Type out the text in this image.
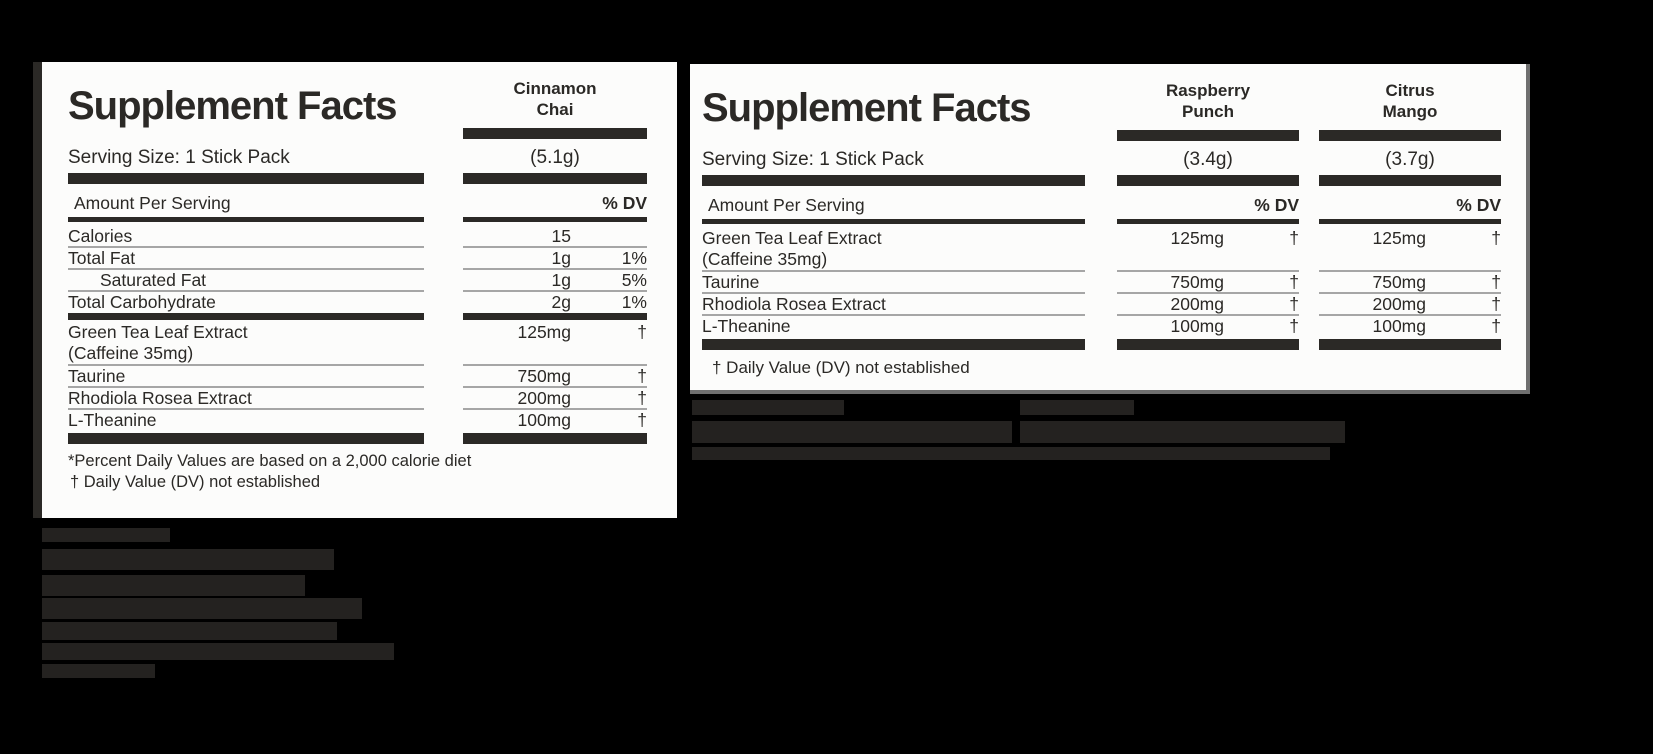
Supplement Facts	Cinnamon
Chai
Serving Size: 1 Stick Pack	(5.1g)
Amount Per Serving	% DV
Calories	15
Total Fat	1g	1%
Saturated Fat	1g	5%
Total Carbohydrate	2g	1%
Green Tea Leaf Extract
(Caffeine 35mg)
125mg	†
Taurine	750mg	†
Rhodiola Rosea Extract	200mg	†
L-Theanine	100mg	†
*Percent Daily Values are based on a 2,000 calorie diet
† Daily Value (DV) not established
Supplement Facts	Raspberry
Punch
Citrus
Mango
Serving Size: 1 Stick Pack	(3.4g)	(3.7g)
Amount Per Serving	% DV	% DV
Green Tea Leaf Extract
(Caffeine 35mg)
125mg	†	125mg	†
Taurine	750mg	†	750mg	†
Rhodiola Rosea Extract	200mg	†	200mg	†
L-Theanine	100mg	†	100mg	†
† Daily Value (DV) not established
